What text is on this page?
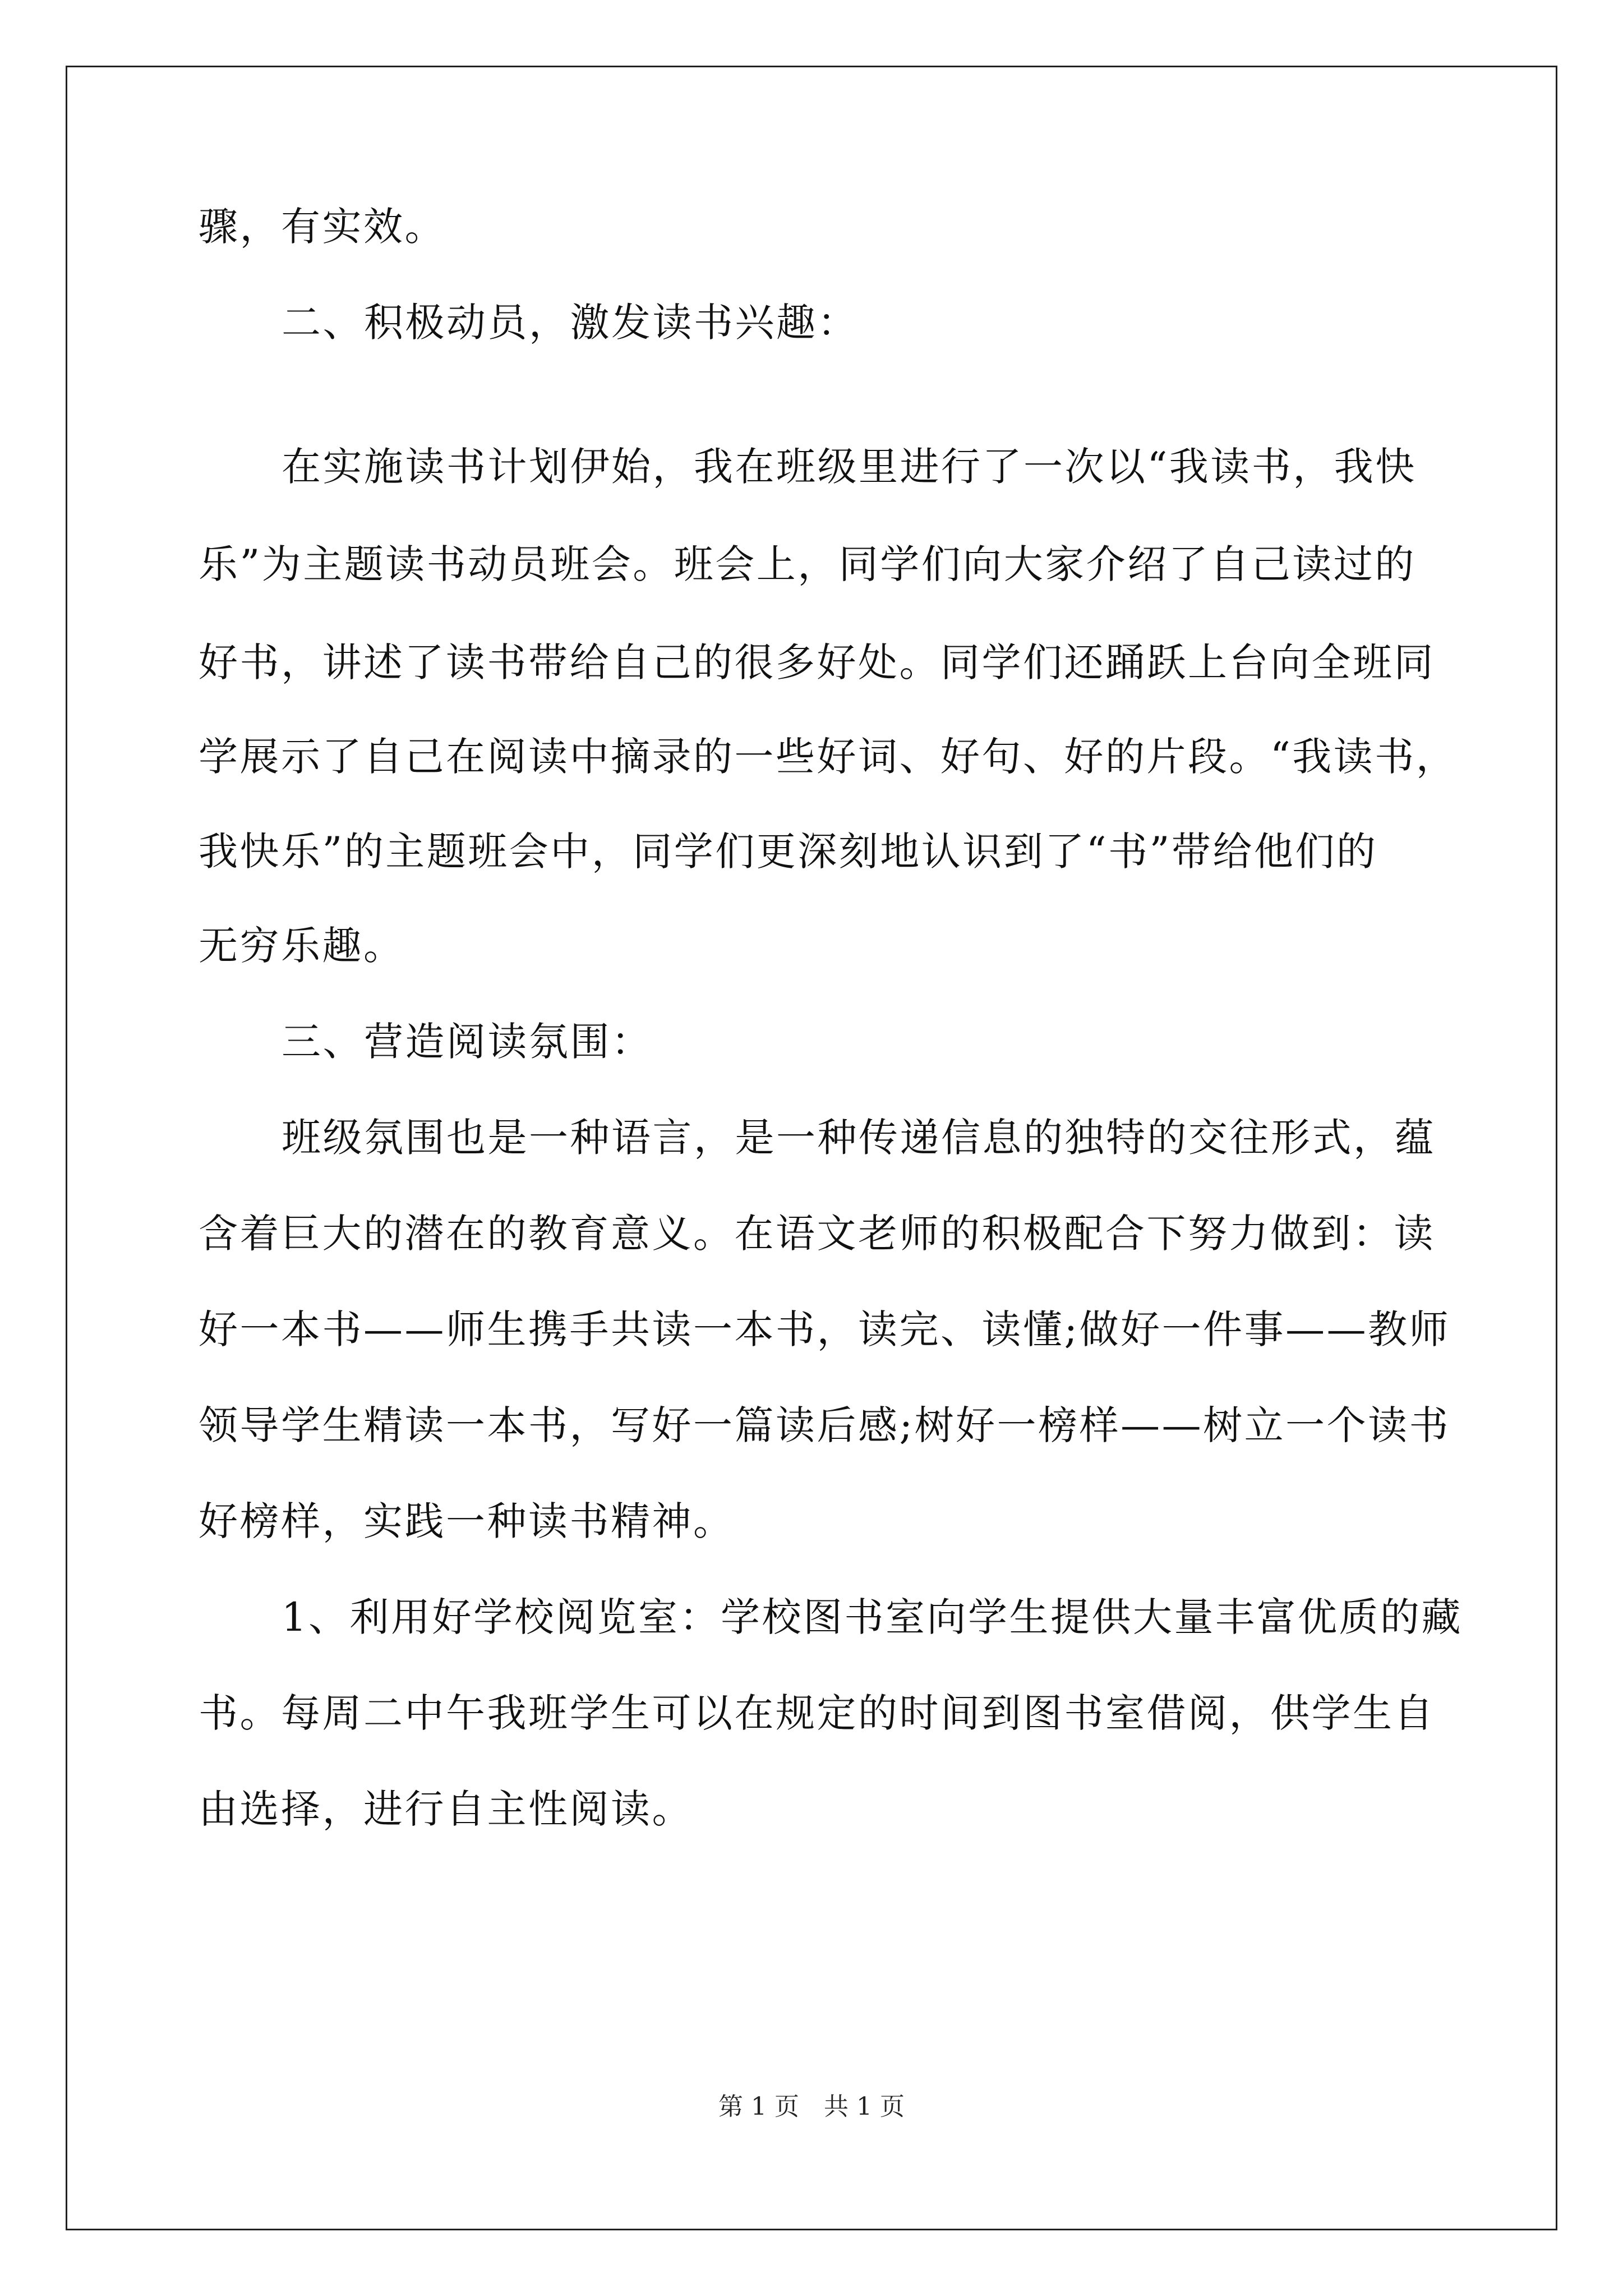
骤，有实效。
二、积极动员，激发读书兴趣：
在实施读书计划伊始，我在班级里进行了一次以“我读书，我快
乐”为主题读书动员班会。班会上，同学们向大家介绍了自己读过的
好书，讲述了读书带给自己的很多好处。同学们还踊跃上台向全班同
学展示了自己在阅读中摘录的一些好词、好句、好的片段。“我读书，
我快乐”的主题班会中，同学们更深刻地认识到了“书”带给他们的
无穷乐趣。
三、营造阅读氛围：
班级氛围也是一种语言，是一种传递信息的独特的交往形式，蕴
含着巨大的潜在的教育意义。在语文老师的积极配合下努力做到：读
好一本书——师生携手共读一本书，读完、读懂;做好一件事——教师
领导学生精读一本书，写好一篇读后感;树好一榜样——树立一个读书
好榜样，实践一种读书精神。
1、利用好学校阅览室：学校图书室向学生提供大量丰富优质的藏
书。每周二中午我班学生可以在规定的时间到图书室借阅，供学生自
由选择，进行自主性阅读。
第 1 页　共 1 页
